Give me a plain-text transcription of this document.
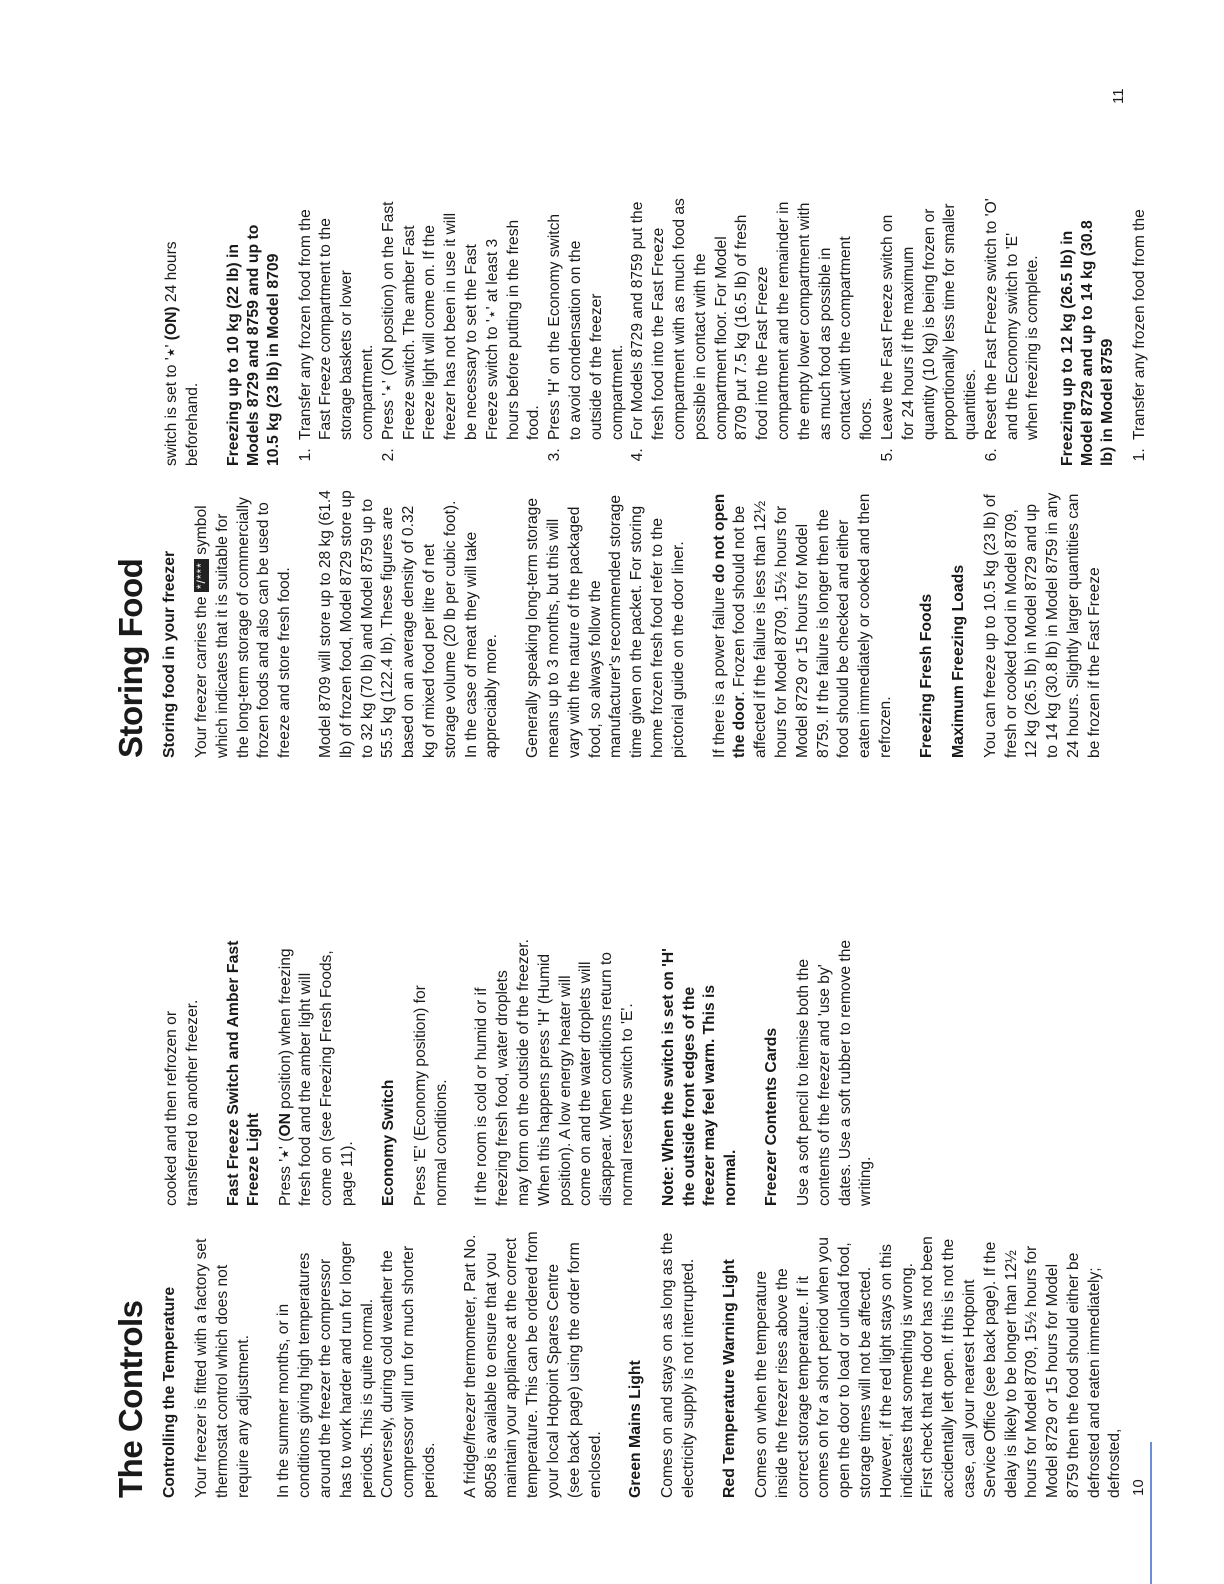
The Controls Controlling the Temperature Your freezer is fitted with a factory set thermostat control which does not require any adjustment. In the summer months, or in conditions giving high temperatures around the freezer the compressor has to work harder and run for longer periods. This is quite normal. Conversely, during cold weather the compressor will run for much shorter periods. A fridge/freezer thermometer, Part No. 8058 is available to ensure that you maintain your appliance at the correct temperature. This can be ordered from your local Hotpoint Spares Centre (see back page) using the order form enclosed. Green Mains Light Comes on and stays on as long as the electricity supply is not interrupted. Red Temperature Warning Light Comes on when the temperature inside the freezer rises above the correct storage temperature. If it comes on for a short period when you open the door to load or unload food, storage times will not be affected. However, if the red light stays on this indicates that something is wrong. First check that the door has not been accidentally left open. If this is not the case, call your nearest Hotpoint Service Office (see back page). If the delay is likely to be longer than 12½ hours for Model 8709, 15½ hours for Model 8729 or 15 hours for Model 8759 then the food should either be defrosted and eaten immediately; defrosted,

cooked and then refrozen or transferred to another freezer. Fast Freeze Switch and Amber Fast Freeze Light Press '⋆' (ON position) when freezing fresh food and the amber light will come on (see Freezing Fresh Foods, page 11). Economy Switch Press 'E' (Economy position) for normal conditions. If the room is cold or humid or if freezing fresh food, water droplets may form on the outside of the freezer. When this happens press 'H' (Humid position). A low energy heater will come on and the water droplets will disappear. When conditions return to normal reset the switch to 'E'. Note: When the switch is set on 'H' the outside front edges of the freezer may feel warm. This is normal. Freezer Contents Cards Use a soft pencil to itemise both the contents of the freezer and 'use by' dates. Use a soft rubber to remove the writing.

10
Storing Food Storing food in your freezer Your freezer carries the */*** symbol which indicates that it is suitable for the long-term storage of commercially frozen foods and also can be used to freeze and store fresh food. Model 8709 will store up to 28 kg (61.4 lb) of frozen food, Model 8729 store up to 32 kg (70 lb) and Model 8759 up to 55.5 kg (122.4 lb). These figures are based on an average density of 0.32 kg of mixed food per litre of net storage volume (20 lb per cubic foot). In the case of meat they will take appreciably more. Generally speaking long-term storage means up to 3 months, but this will vary with the nature of the packaged food, so always follow the manufacturer's recommended storage time given on the packet. For storing home frozen fresh food refer to the pictorial guide on the door liner. If there is a power failure do not open the door. Frozen food should not be affected if the failure is less than 12½ hours for Model 8709, 15½ hours for Model 8729 or 15 hours for Model 8759. If the failure is longer then the food should be checked and either eaten immediately or cooked and then refrozen. Freezing Fresh Foods Maximum Freezing Loads You can freeze up to 10.5 kg (23 lb) of fresh or cooked food in Model 8709, 12 kg (26.5 lb) in Model 8729 and up to 14 kg (30.8 lb) in Model 8759 in any 24 hours. Slightly larger quantities can be frozen if the Fast Freeze

switch is set to '⋆' (ON) 24 hours beforehand. Freezing up to 10 kg (22 lb) in Models 8729 and 8759 and up to 10.5 kg (23 lb) in Model 8709 1. Transfer any frozen food from the Fast Freeze compartment to the storage baskets or lower compartment. 2. Press '⋆' (ON position) on the Fast Freeze switch. The amber Fast Freeze light will come on. If the freezer has not been in use it will be necessary to set the Fast Freeze switch to '⋆' at least 3 hours before putting in the fresh food. 3. Press 'H' on the Economy switch to avoid condensation on the outside of the freezer compartment. 4. For Models 8729 and 8759 put the fresh food into the Fast Freeze compartment with as much food as possible in contact with the compartment floor. For Model 8709 put 7.5 kg (16.5 lb) of fresh food into the Fast Freeze compartment and the remainder in the empty lower compartment with as much food as possible in contact with the compartment floors. 5. Leave the Fast Freeze switch on for 24 hours if the maximum quantity (10 kg) is being frozen or proportionally less time for smaller quantities. 6. Reset the Fast Freeze switch to 'O' and the Economy switch to 'E' when freezing is complete. Freezing up to 12 kg (26.5 lb) in Model 8729 and up to 14 kg (30.8 lb) in Model 8759 1. Transfer any frozen food from the
11
